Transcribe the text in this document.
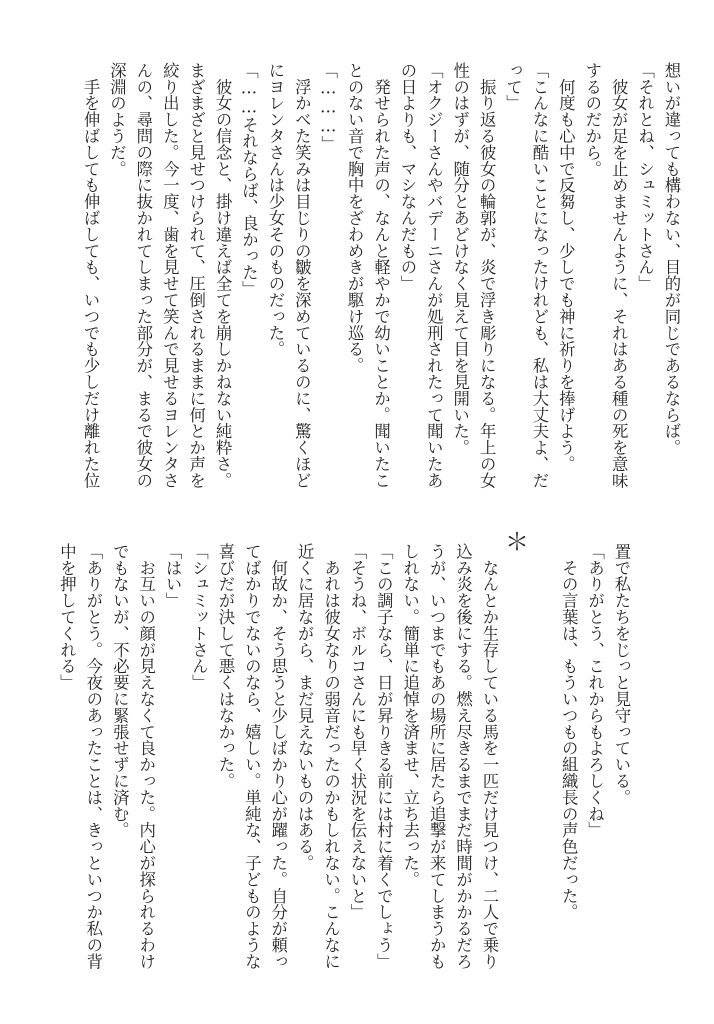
想いが違っても構わない、目的が同じであるならば。
「それとね、シュミットさん」
　彼女が足を止めませんように、それはある種の死を意味
するのだから。
　何度も心中で反芻し、少しでも神に祈りを捧げよう。
「こんなに酷いことになったけれども、私は大丈夫よ、だ
って」
　振り返る彼女の輪郭が、炎で浮き彫りになる。年上の女
性のはずが、随分とあどけなく見えて目を見開いた。
「オクジーさんやバデーニさんが処刑されたって聞いたあ
の日よりも、マシなんだもの」
　発せられた声の、なんと軽やかで幼いことか。聞いたこ
とのない音で胸中をざわめきが駆け巡る。
「………」
　浮かべた笑みは目じりの皺を深めているのに、驚くほど
にヨレンタさんは少女そのものだった。
「……それならば、良かった」
　彼女の信念と、掛け違えば全てを崩しかねない純粋さ。
まざまざと見せつけられて、圧倒されるままに何とか声を
絞り出した。今一度、歯を見せて笑んで見せるヨレンタさ
んの、尋問の際に抜かれてしまった部分が、まるで彼女の
深淵のようだ。
　手を伸ばしても伸ばしても、いつでも少しだけ離れた位
＊
置で私たちをじっと見守っている。
「ありがとう、これからもよろしくね」
　その言葉は、もういつもの組織長の声色だった。

　なんとか生存している馬を一匹だけ見つけ、二人で乗り
込み炎を後にする。燃え尽きるまでまだ時間がかかるだろ
うが、いつまでもあの場所に居たら追撃が来てしまうかも
しれない。簡単に追悼を済ませ、立ち去った。
「この調子なら、日が昇りきる前には村に着くでしょう」
「そうね、ボルコさんにも早く状況を伝えないと」
　あれは彼女なりの弱音だったのかもしれない。こんなに
近くに居ながら、まだ見えないものはある。
　何故か、そう思うと少しばかり心が躍った。自分が頼っ
てばかりでないのなら、嬉しい。単純な、子どものような
喜びだが決して悪くはなかった。
「シュミットさん」
「はい」
　お互いの顔が見えなくて良かった。内心が探られるわけ
でもないが、不必要に緊張せずに済む。
「ありがとう。今夜のあったことは、きっといつか私の背
中を押してくれる」
